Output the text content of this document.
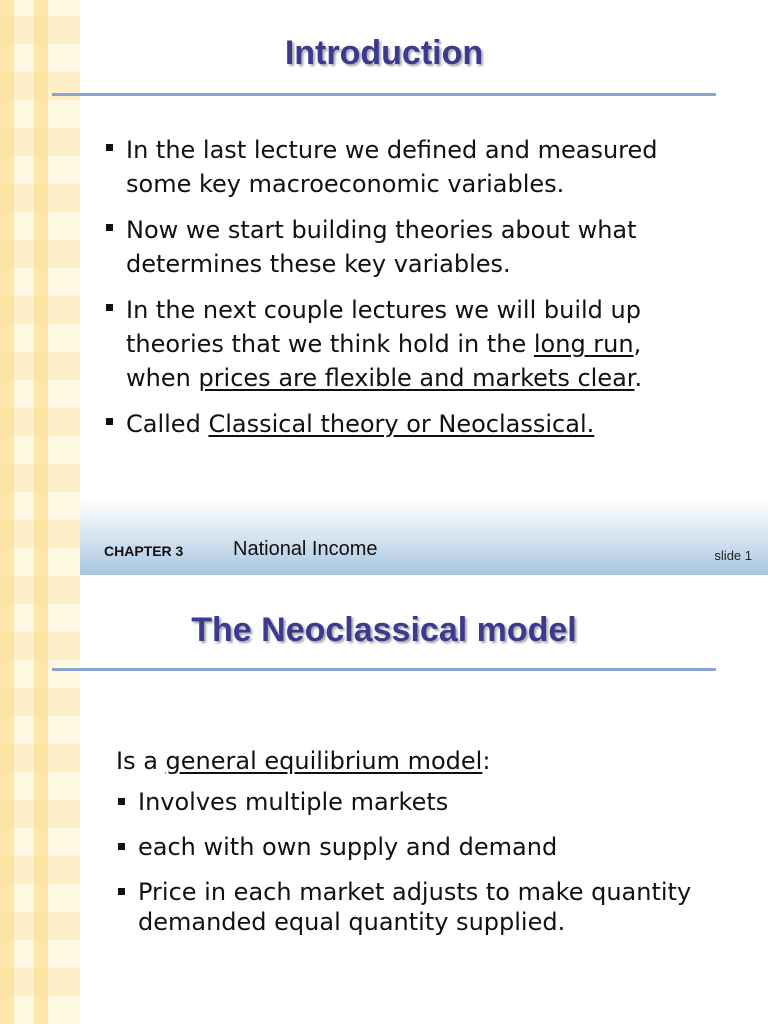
Introduction
In the last lecture we defined and measured some key macroeconomic variables.
Now we start building theories about what determines these key variables.
In the next couple lectures we will build up theories that we think hold in the long run, when prices are flexible and markets clear.
Called Classical theory or Neoclassical.
CHAPTER 3 National Income	slide 1
The Neoclassical model
Is a general equilibrium model:
Involves multiple markets
each with own supply and demand
Price in each market adjusts to make quantity demanded equal quantity supplied.
